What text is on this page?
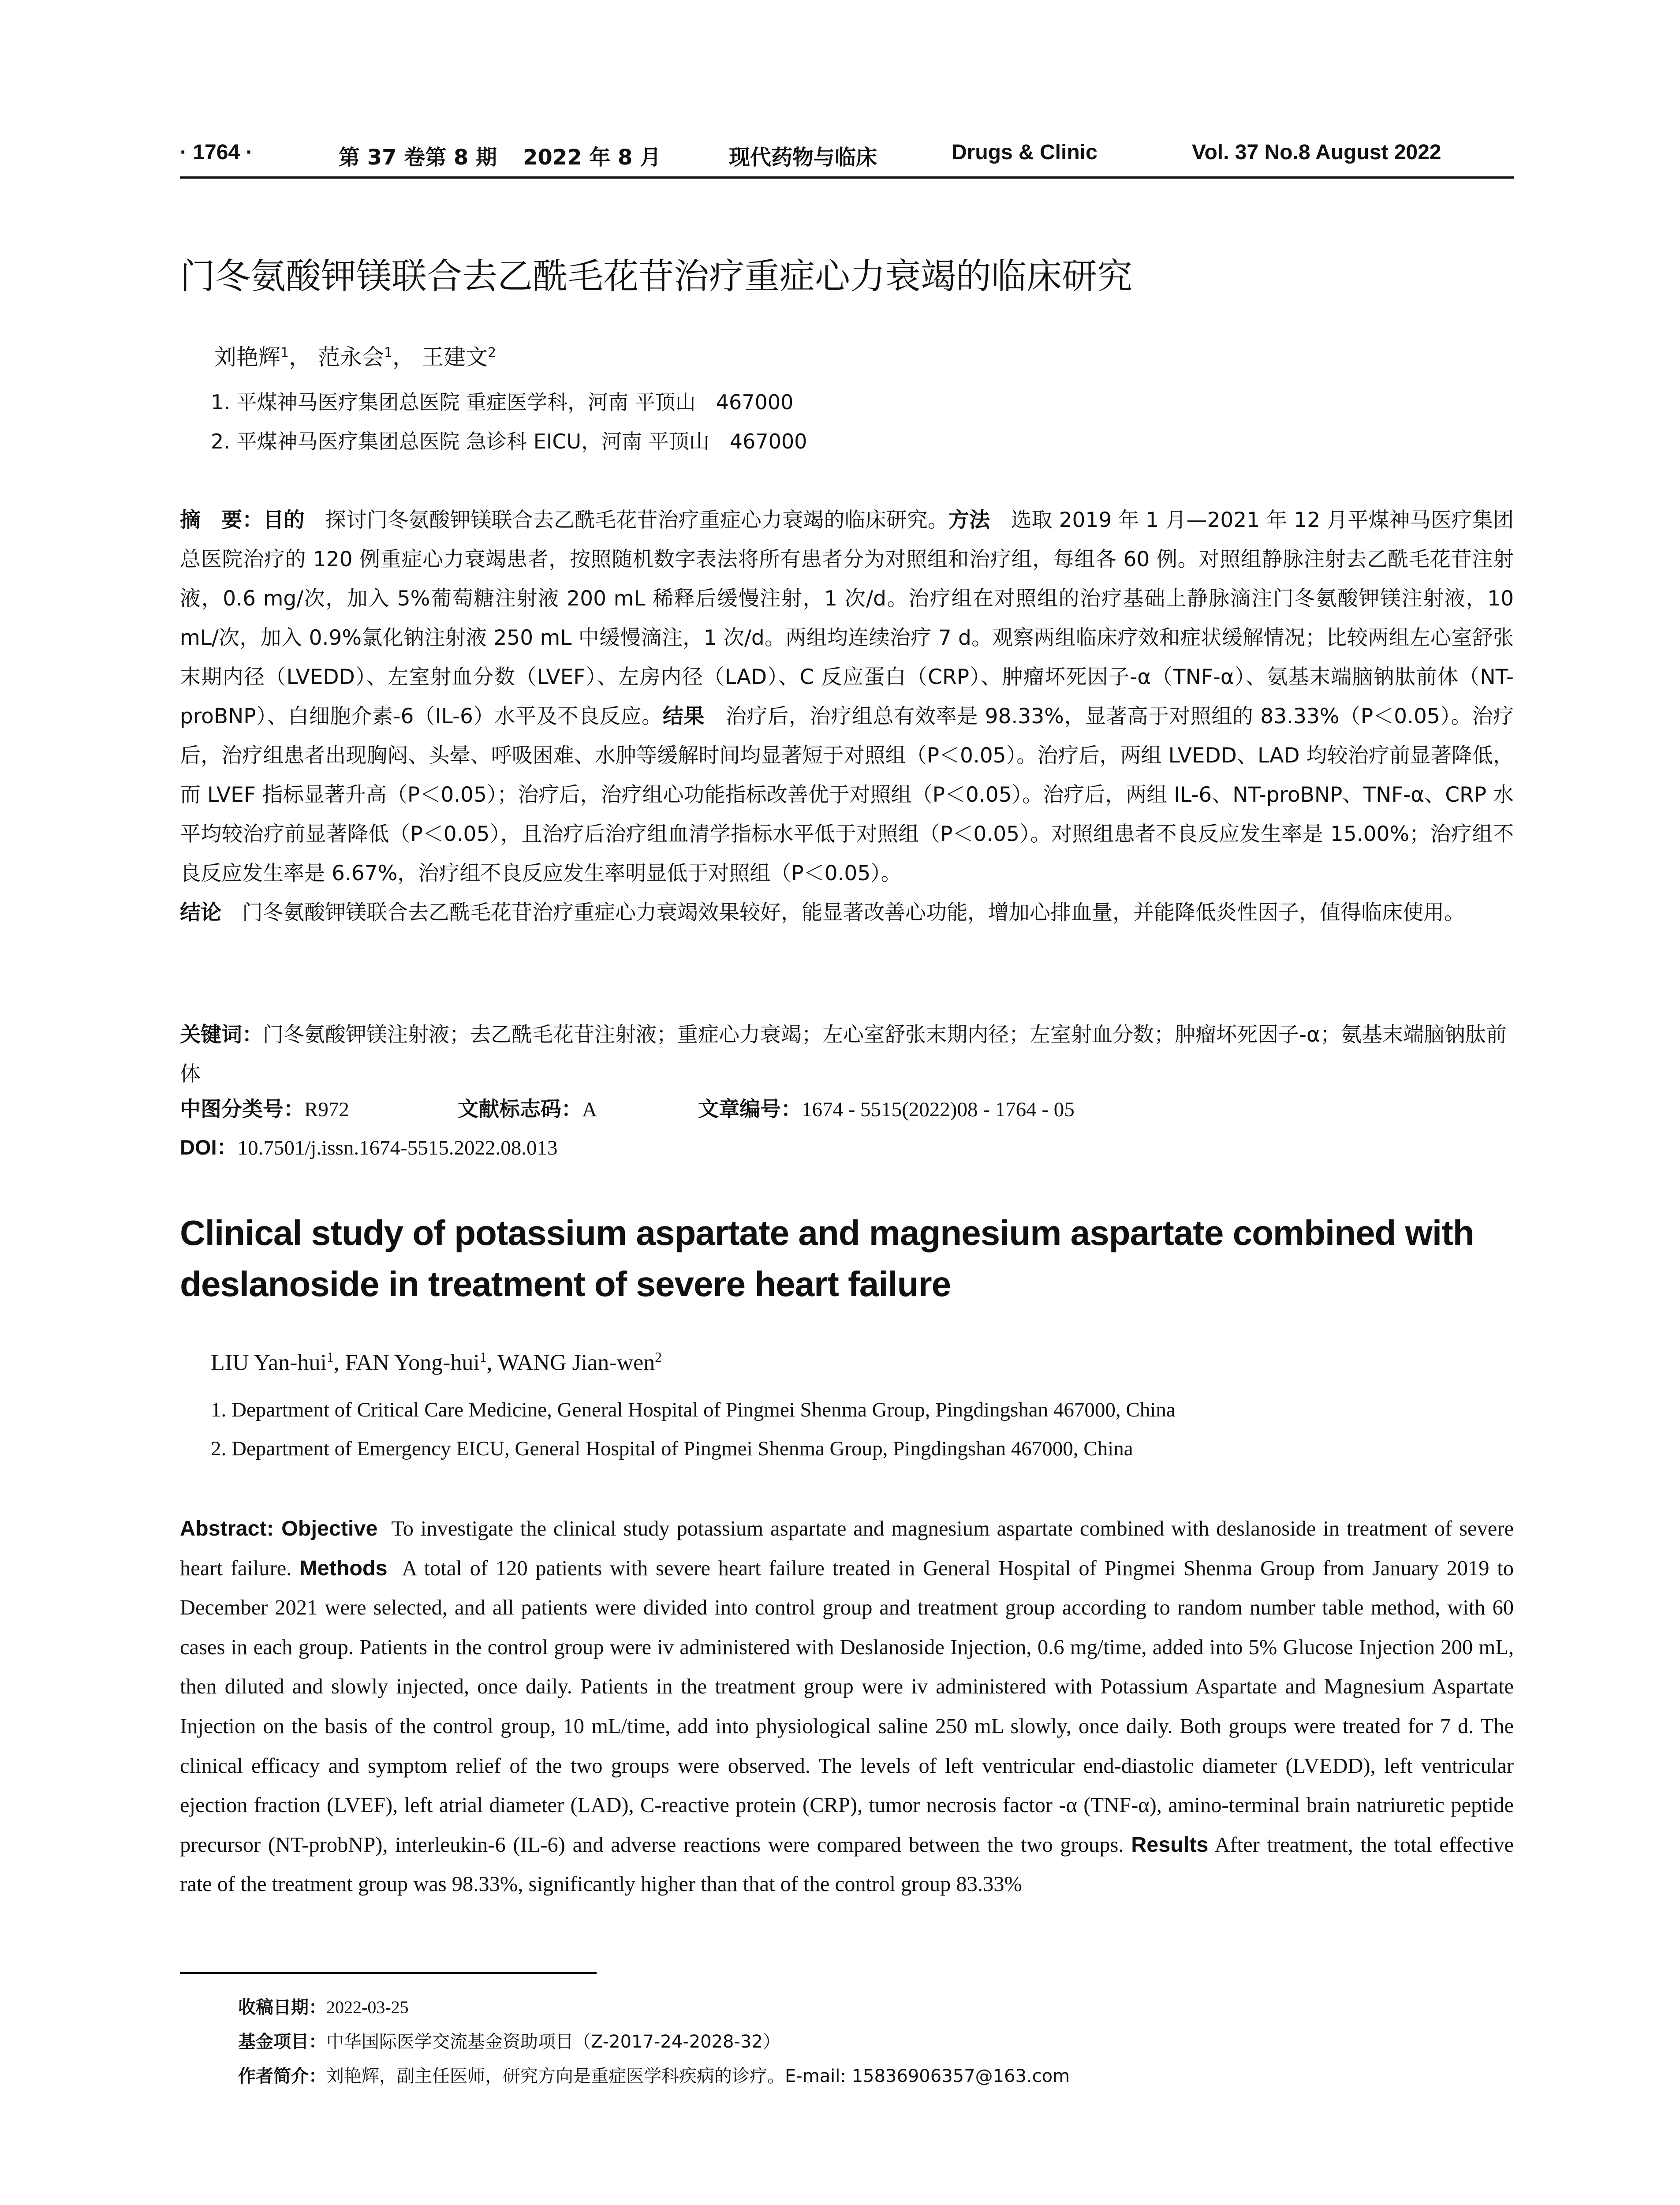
· 1764 ·	第 37 卷第 8 期 2022 年 8 月	现代药物与临床	Drugs & Clinic	Vol. 37 No.8 August 2022
门冬氨酸钾镁联合去乙酰毛花苷治疗重症心力衰竭的临床研究
刘艳辉$^1$， 范永会$^1$， 王建文$^2$
1. 平煤神马医疗集团总医院 重症医学科，河南 平顶山　467000
2. 平煤神马医疗集团总医院 急诊科 EICU，河南 平顶山　467000

摘　要：目的　 探讨门冬氨酸钾镁联合去乙酰毛花苷治疗重症心力衰竭的临床研究。方法　 选取 2019 年 1 月—2021 年 12 月平煤神马医疗集团总医院治疗的 120 例重症心力衰竭患者，按照随机数字表法将所有患者分为对照组和治疗组，每组各 60 例。对照组静脉注射去乙酰毛花苷注射液，0.6 mg/次，加入 5%葡萄糖注射液 200 mL 稀释后缓慢注射，1 次/d。治疗组在对照组的治疗基础上静脉滴注门冬氨酸钾镁注射液，10 mL/次，加入 0.9%氯化钠注射液 250 mL 中缓慢滴注，1 次/d。两组均连续治疗 7 d。观察两组临床疗效和症状缓解情况；比较两组左心室舒张末期内径（LVEDD）、左室射血分数（LVEF）、左房内径（LAD）、C 反应蛋白（CRP）、肿瘤坏死因子-α（TNF-α）、氨基末端脑钠肽前体（NT-proBNP）、白细胞介素-6（IL-6）水平及不良反应。结果　 治疗后，治疗组总有效率是 98.33%，显著高于对照组的 83.33%（P＜0.05）。治疗后，治疗组患者出现胸闷、头晕、呼吸困难、水肿等缓解时间均显著短于对照组（P＜0.05）。治疗后，两组 LVEDD、LAD 均较治疗前显著降低，而 LVEF 指标显著升高（P＜0.05）；治疗后，治疗组心功能指标改善优于对照组（P＜0.05）。治疗后，两组 IL-6、NT-proBNP、TNF-α、CRP 水平均较治疗前显著降低（P＜0.05），且治疗后治疗组血清学指标水平低于对照组（P＜0.05）。对照组患者不良反应发生率是 15.00%；治疗组不良反应发生率是 6.67%，治疗组不良反应发生率明显低于对照组（P＜0.05）。
结论　 门冬氨酸钾镁联合去乙酰毛花苷治疗重症心力衰竭效果较好，能显著改善心功能，增加心排血量，并能降低炎性因子，值得临床使用。

关键词：门冬氨酸钾镁注射液；去乙酰毛花苷注射液；重症心力衰竭；左心室舒张末期内径；左室射血分数；肿瘤坏死因子-α；氨基末端脑钠肽前体

中图分类号：R972	文献标志码：A	文章编号：1674 - 5515(2022)08 - 1764 - 05
DOI：10.7501/j.issn.1674-5515.2022.08.013

Clinical study of potassium aspartate and magnesium aspartate combined with deslanoside in treatment of severe heart failure

LIU Yan-hui$^1$, FAN Yong-hui$^1$, WANG Jian-wen$^2$
1. Department of Critical Care Medicine, General Hospital of Pingmei Shenma Group, Pingdingshan 467000, China
2. Department of Emergency EICU, General Hospital of Pingmei Shenma Group, Pingdingshan 467000, China

Abstract: Objective To investigate the clinical study potassium aspartate and magnesium aspartate combined with deslanoside in treatment of severe heart failure. Methods A total of 120 patients with severe heart failure treated in General Hospital of Pingmei Shenma Group from January 2019 to December 2021 were selected, and all patients were divided into control group and treatment group according to random number table method, with 60 cases in each group. Patients in the control group were iv administered with Deslanoside Injection, 0.6 mg/time, added into 5% Glucose Injection 200 mL, then diluted and slowly injected, once daily. Patients in the treatment group were iv administered with Potassium Aspartate and Magnesium Aspartate Injection on the basis of the control group, 10 mL/time, add into physiological saline 250 mL slowly, once daily. Both groups were treated for 7 d. The clinical efficacy and symptom relief of the two groups were observed. The levels of left ventricular end-diastolic diameter (LVEDD), left ventricular ejection fraction (LVEF), left atrial diameter (LAD), C-reactive protein (CRP), tumor necrosis factor -α (TNF-α), amino-terminal brain natriuretic peptide precursor (NT-probNP), interleukin-6 (IL-6) and adverse reactions were compared between the two groups. Results After treatment, the total effective rate of the treatment group was 98.33%, significantly higher than that of the control group 83.33%

收稿日期：2022-03-25
基金项目：中华国际医学交流基金资助项目（Z-2017-24-2028-32）
作者简介：刘艳辉，副主任医师，研究方向是重症医学科疾病的诊疗。E-mail: 15836906357@163.com
